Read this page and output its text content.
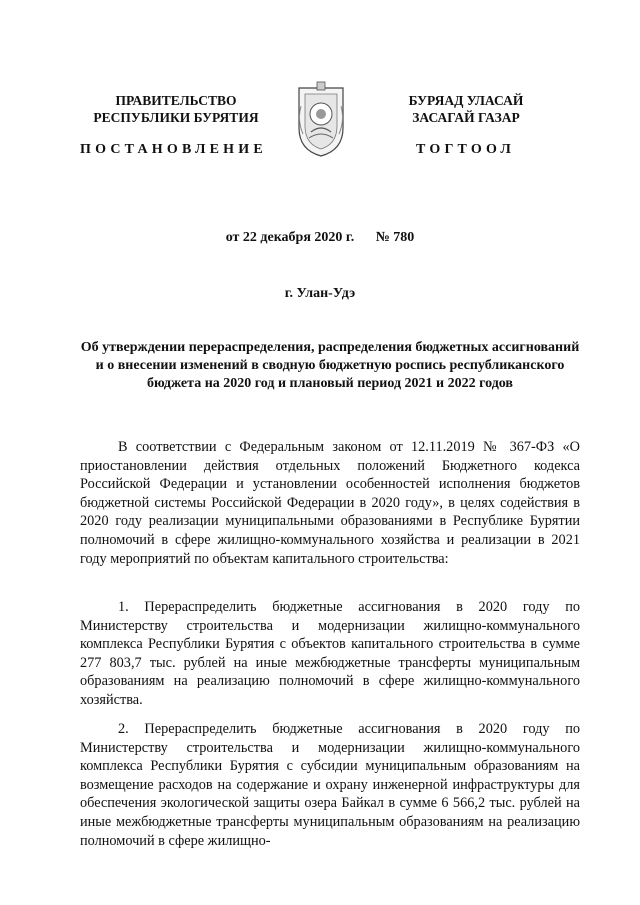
ПРАВИТЕЛЬСТВО
РЕСПУБЛИКИ БУРЯТИЯ
БУРЯАД УЛАСАЙ
ЗАСАГАЙ ГАЗАР
ПОСТАНОВЛЕНИЕ	ТОГТООЛ
от 22 декабря 2020 г. № 780
г. Улан-Удэ
Об утверждении перераспределения, распределения бюджетных ассигнований и о внесении изменений в сводную бюджетную роспись республиканского бюджета на 2020 год и плановый период 2021 и 2022 годов

В соответствии с Федеральным законом от 12.11.2019 № 367-ФЗ «О приостановлении действия отдельных положений Бюджетного кодекса Российской Федерации и установлении особенностей исполнения бюджетов бюджетной системы Российской Федерации в 2020 году», в целях содействия в 2020 году реализации муниципальными образованиями в Республике Бурятии полномочий в сфере жилищно-коммунального хозяйства и реализации в 2021 году мероприятий по объектам капитального строительства:

1. Перераспределить бюджетные ассигнования в 2020 году по Министерству строительства и модернизации жилищно-коммунального комплекса Республики Бурятия с объектов капитального строительства в сумме 277 803,7 тыс. рублей на иные межбюджетные трансферты муниципальным образованиям на реализацию полномочий в сфере жилищно-коммунального хозяйства.

2. Перераспределить бюджетные ассигнования в 2020 году по Министерству строительства и модернизации жилищно-коммунального комплекса Республики Бурятия с субсидии муниципальным образованиям на возмещение расходов на содержание и охрану инженерной инфраструктуры для обеспечения экологической защиты озера Байкал в сумме 6 566,2 тыс. рублей на иные межбюджетные трансферты муниципальным образованиям на реализацию полномочий в сфере жилищно-
